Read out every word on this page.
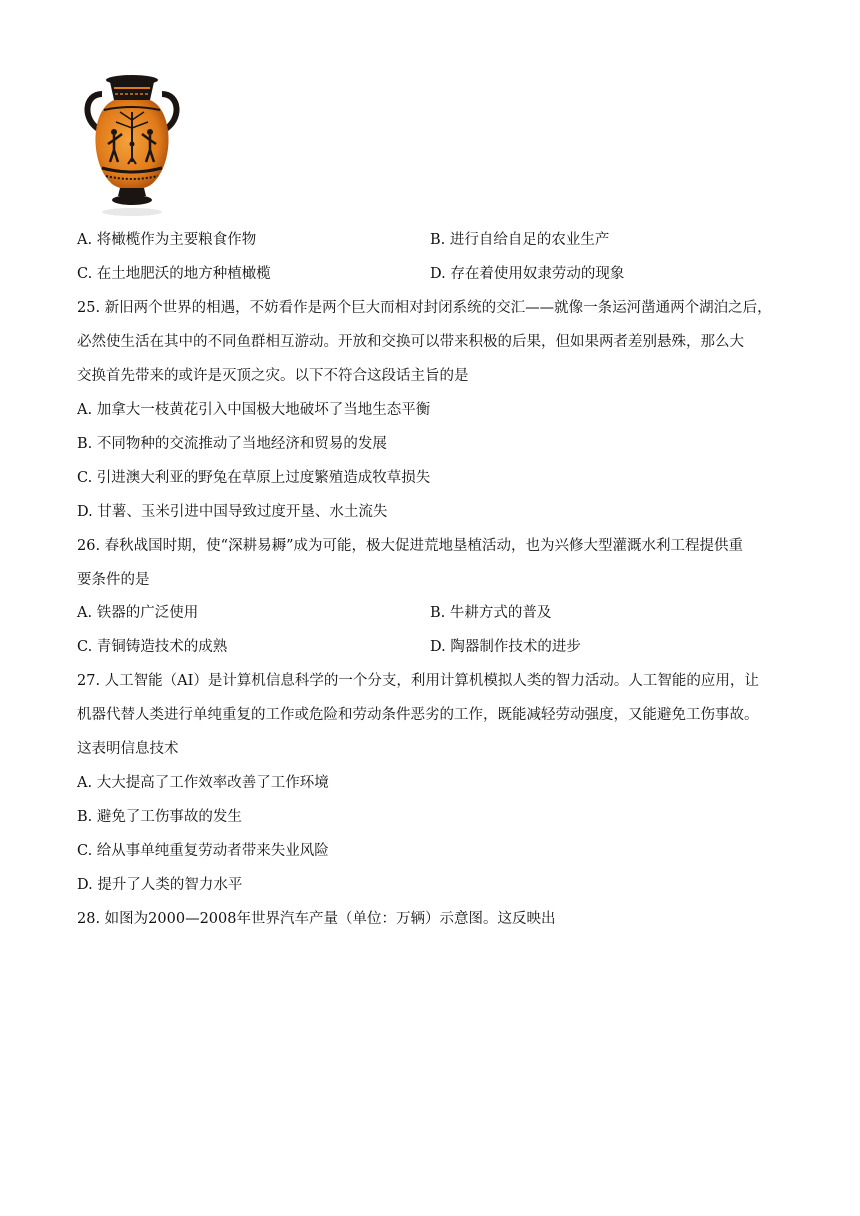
A. 将橄榄作为主要粮食作物	B. 进行自给自足的农业生产
C. 在土地肥沃的地方种植橄榄	D. 存在着使用奴隶劳动的现象
25. 新旧两个世界的相遇，不妨看作是两个巨大而相对封闭系统的交汇——就像一条运河凿通两个湖泊之后，
必然使生活在其中的不同鱼群相互游动。开放和交换可以带来积极的后果，但如果两者差别悬殊，那么大
交换首先带来的或许是灭顶之灾。以下不符合这段话主旨的是
A. 加拿大一枝黄花引入中国极大地破坏了当地生态平衡
B. 不同物种的交流推动了当地经济和贸易的发展
C. 引进澳大利亚的野兔在草原上过度繁殖造成牧草损失
D. 甘薯、玉米引进中国导致过度开垦、水土流失
26. 春秋战国时期，使“深耕易耨”成为可能，极大促进荒地垦植活动，也为兴修大型灌溉水利工程提供重
要条件的是
A. 铁器的广泛使用	B. 牛耕方式的普及
C. 青铜铸造技术的成熟	D. 陶器制作技术的进步
27. 人工智能（AI）是计算机信息科学的一个分支，利用计算机模拟人类的智力活动。人工智能的应用，让
机器代替人类进行单纯重复的工作或危险和劳动条件恶劣的工作，既能减轻劳动强度，又能避免工伤事故。
这表明信息技术
A. 大大提高了工作效率改善了工作环境
B. 避免了工伤事故的发生
C. 给从事单纯重复劳动者带来失业风险
D. 提升了人类的智力水平
28. 如图为2000—2008年世界汽车产量（单位：万辆）示意图。这反映出
